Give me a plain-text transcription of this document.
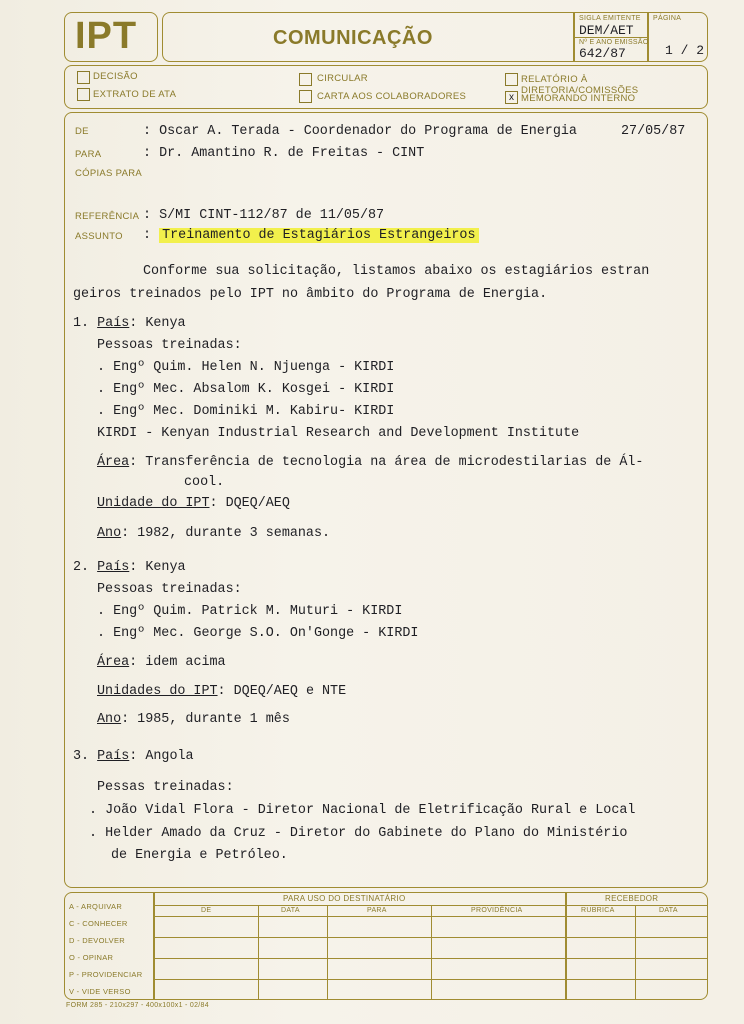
IPT	COMUNICAÇÃO
SIGLA EMITENTE
DEM/AET
Nº E ANO EMISSÃO
642/87
PÁGINA
1 / 2
DECISÃO
EXTRATO DE ATA
CIRCULAR
CARTA AOS COLABORADORES
RELATÓRIO À DIRETORIA/COMISSÕES
x MEMORANDO INTERNO
DE	: Oscar A. Terada - Coordenador do Programa de Energia	27/05/87
PARA	: Dr. Amantino R. de Freitas - CINT
CÓPIAS PARA
REFERÊNCIA : S/MI CINT-112/87 de 11/05/87
ASSUNTO : Treinamento de Estagiários Estrangeiros
Conforme sua solicitação, listamos abaixo os estagiários estran
geiros treinados pelo IPT no âmbito do Programa de Energia.
1. País: Kenya
Pessoas treinadas:
. Engº Quim. Helen N. Njuenga - KIRDI
. Engº Mec. Absalom K. Kosgei - KIRDI
. Engº Mec. Dominiki M. Kabiru- KIRDI
KIRDI - Kenyan Industrial Research and Development Institute
Área: Transferência de tecnologia na área de microdestilarias de Ál-
cool.
Unidade do IPT: DQEQ/AEQ
Ano: 1982, durante 3 semanas.
2. País: Kenya
Pessoas treinadas:
. Engº Quim. Patrick M. Muturi - KIRDI
. Engº Mec. George S.O. On'Gonge - KIRDI
Área: idem acima
Unidades do IPT: DQEQ/AEQ e NTE
Ano: 1985, durante 1 mês
3. País: Angola
Pessas treinadas:
. João Vidal Flora - Diretor Nacional de Eletrificação Rural e Local
. Helder Amado da Cruz - Diretor do Gabinete do Plano do Ministério
de Energia e Petróleo.
A - ARQUIVAR
C - CONHECER
D - DEVOLVER
O - OPINAR
P - PROVIDENCIAR
V - VIDE VERSO
PARA USO DO DESTINATÁRIO	RECEBEDOR
DE	DATA	PARA	PROVIDÊNCIA	RUBRICA	DATA
FORM 285 - 210x297 - 400x100x1 - 02/84
